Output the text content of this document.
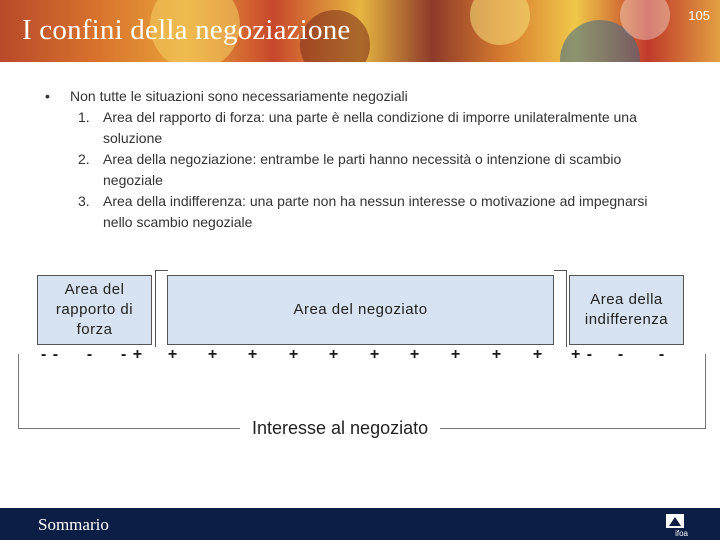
I confini della negoziazione	105
• Non tutte le situazioni sono necessariamente negoziali
1. Area del rapporto di forza: una parte è nella condizione di imporre unilateralmente una soluzione
2. Area della negoziazione: entrambe le parti hanno necessità o intenzione di scambio negoziale
3. Area della indifferenza: una parte non ha nessun interesse o motivazione ad impegnarsi nello scambio negoziale
Area del rapporto di forza
Area del negoziato
Area della indifferenza
- -	-	- +	+	+	+	+	+	+	+	+	+	+	+ -	-	-
Interesse al negoziato
Sommario	ifoa
